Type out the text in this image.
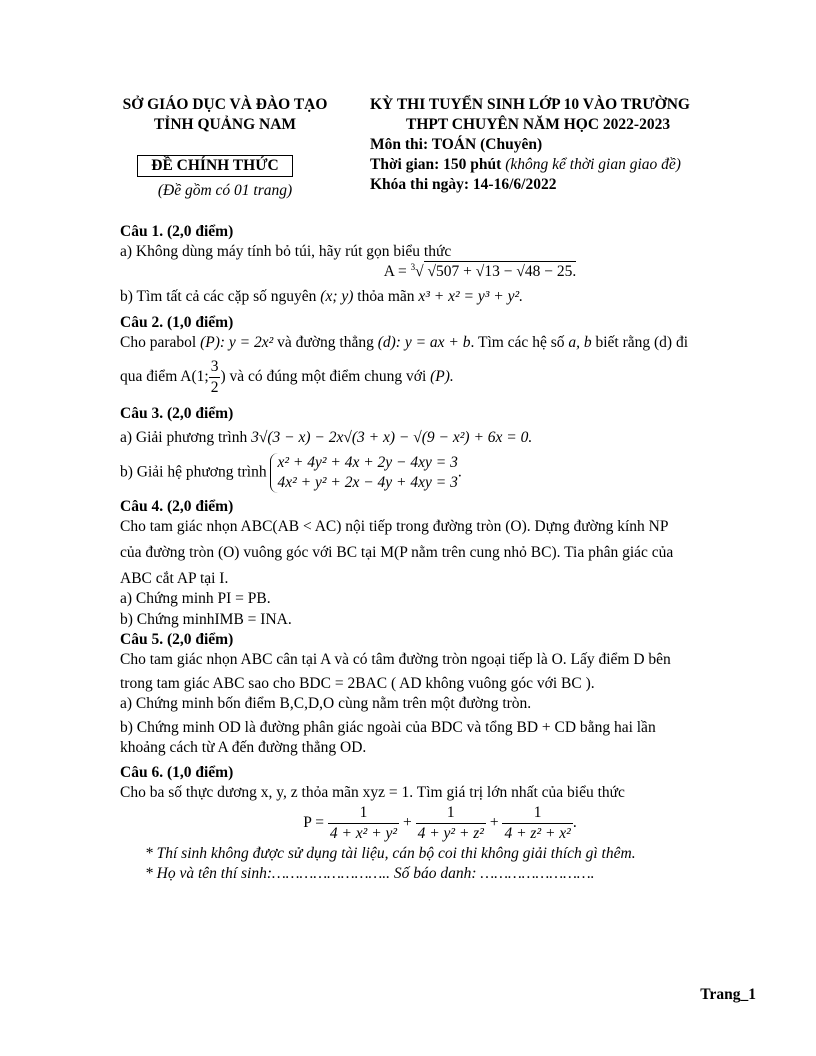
SỞ GIÁO DỤC VÀ ĐÀO TẠO
TỈNH QUẢNG NAM
ĐỀ CHÍNH THỨC
(Đề gồm có 01 trang)
KỲ THI TUYỂN SINH LỚP 10 VÀO TRƯỜNG
THPT CHUYÊN NĂM HỌC 2022-2023
Môn thi: TOÁN (Chuyên)
Thời gian: 150 phút (không kể thời gian giao đề)
Khóa thi ngày: 14-16/6/2022

Câu 1. (2,0 điểm)

a) Không dùng máy tính bỏ túi, hãy rút gọn biểu thức

A = $^3$√ √507 + √13 − √48 − 25.

b) Tìm tất cả các cặp số nguyên (x; y) thỏa mãn x³ + x² = y³ + y².

Câu 2. (1,0 điểm)

Cho parabol (P): y = 2x² và đường thẳng (d): y = ax + b. Tìm các hệ số a, b biết rằng (d) đi

qua điểm A(1; $\frac{3}{2}$ ) và có đúng một điểm chung với (P).

Câu 3. (2,0 điểm)

a) Giải phương trình 3√(3 − x) − 2x√(3 + x) − √(9 − x²) + 6x = 0.

b) Giải hệ phương trình
x² + 4y² + 4x + 2y − 4xy = 3
4x² + y² + 2x − 4y + 4xy = 3
.

Câu 4. (2,0 điểm)

Cho tam giác nhọn ABC(AB < AC) nội tiếp trong đường tròn (O). Dựng đường kính NP

của đường tròn (O) vuông góc với BC tại M(P nằm trên cung nhỏ BC). Tia phân giác của

ABC cắt AP tại I.

a) Chứng minh PI = PB.

b) Chứng minhIMB = INA.

Câu 5. (2,0 điểm)

Cho tam giác nhọn ABC cân tại A và có tâm đường tròn ngoại tiếp là O. Lấy điểm D bên

trong tam giác ABC sao cho BDC = 2BAC ( AD không vuông góc với BC ).

a) Chứng minh bốn điểm B,C,D,O cùng nằm trên một đường tròn.

b) Chứng minh OD là đường phân giác ngoài của BDC và tổng BD + CD bằng hai lần

khoảng cách từ A đến đường thẳng OD.

Câu 6. (1,0 điểm)

Cho ba số thực dương x, y, z thỏa mãn xyz = 1. Tìm giá trị lớn nhất của biểu thức

$P = \frac{1}{\text{4 + x² + y²}} + \frac{1}{\text{4 + y² + z²}} + \frac{1}{\text{4 + z² + x²}}$ .

* Thí sinh không được sử dụng tài liệu, cán bộ coi thi không giải thích gì thêm.

* Họ và tên thí sinh:…………………….. Số báo danh: …………………….

Trang_1
